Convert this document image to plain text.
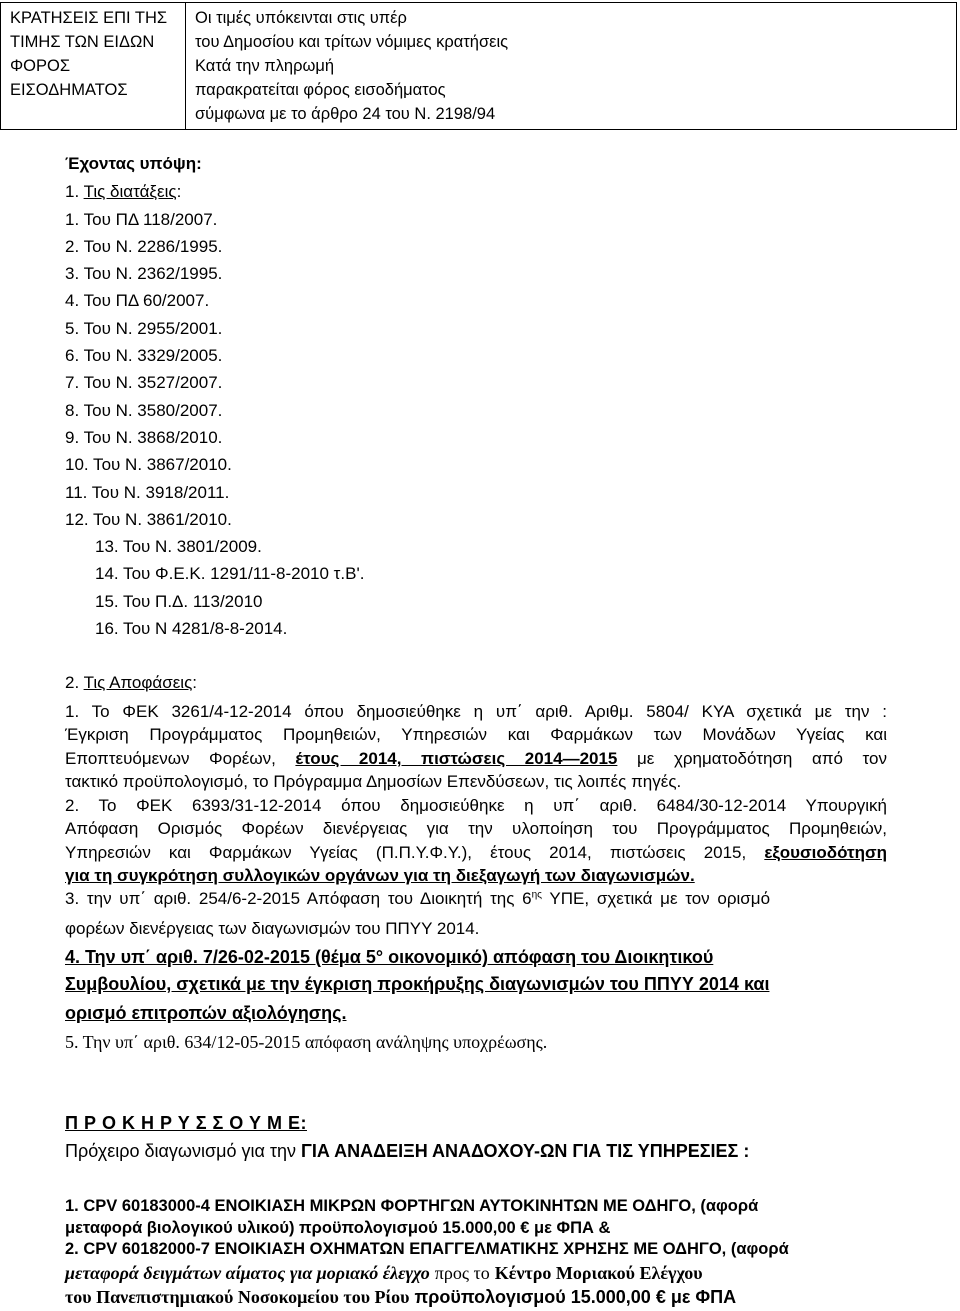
ΚΡΑΤΗΣΕΙΣ ΕΠΙ ΤΗΣ
ΤΙΜΗΣ ΤΩΝ ΕΙΔΩΝ
ΦΟΡΟΣ
ΕΙΣΟΔΗΜΑΤΟΣ

Οι τιμές υπόκεινται στις υπέρ
του Δημοσίου και τρίτων νόμιμες κρατήσεις
Κατά την πληρωμή
παρακρατείται φόρος εισοδήματος
σύμφωνα με το άρθρο 24 του Ν. 2198/94
Έχοντας υπόψη:
1. Τις διατάξεις:
1. Του ΠΔ 118/2007.
2. Του Ν. 2286/1995.
3. Του Ν. 2362/1995.
4. Του ΠΔ 60/2007.
5. Του Ν. 2955/2001.
6. Του Ν. 3329/2005.
7. Του Ν. 3527/2007.
8. Του Ν. 3580/2007.
9. Του Ν. 3868/2010.
10. Του Ν. 3867/2010.
11. Του Ν. 3918/2011.
12. Του Ν. 3861/2010.
13. Του Ν. 3801/2009.
14. Του Φ.Ε.Κ. 1291/11-8-2010 τ.Β'.
15. Του Π.Δ. 113/2010
16. Του Ν 4281/8-8-2014.
2. Τις Αποφάσεις:
1. Το ΦΕΚ 3261/4-12-2014 όπου δημοσιεύθηκε η υπ΄ αριθ. Αριθμ. 5804/ ΚΥΑ σχετικά με την :
Έγκριση Προγράμματος Προμηθειών, Υπηρεσιών και Φαρμάκων των Μονάδων Υγείας και
Εποπτευόμενων Φορέων, έτους 2014, πιστώσεις 2014—2015 με χρηματοδότηση από τον
τακτικό προϋπολογισμό, το Πρόγραμμα Δημοσίων Επενδύσεων, τις λοιπές πηγές.
2. Το ΦΕΚ 6393/31-12-2014 όπου δημοσιεύθηκε η υπ΄ αριθ. 6484/30-12-2014 Υπουργική
Απόφαση Ορισμός Φορέων διενέργειας για την υλοποίηση του Προγράμματος Προμηθειών,
Υπηρεσιών και Φαρμάκων Υγείας (Π.Π.Υ.Φ.Υ.), έτους 2014, πιστώσεις 2015, εξουσιοδότηση
για τη συγκρότηση συλλογικών οργάνων για τη διεξαγωγή των διαγωνισμών.
3. την υπ΄ αριθ. 254/6-2-2015 Απόφαση του Διοικητή της $6^{\eta\varsigma}$ ΥΠΕ, σχετικά με τον ορισμό
φορέων διενέργειας των διαγωνισμών του ΠΠΥΥ 2014.
4. Την υπ΄ αριθ. 7/26-02-2015 (θέμα 5° οικονομικό) απόφαση του Διοικητικού
Συμβουλίου, σχετικά με την έγκριση προκήρυξης διαγωνισμών του ΠΠΥΥ 2014 και
ορισμό επιτροπών αξιολόγησης.
5. Την υπ΄ αριθ. 634/12-05-2015 απόφαση ανάληψης υποχρέωσης.
Π Ρ Ο Κ Η Ρ Υ Σ Σ Ο Υ Μ Ε:
Πρόχειρο διαγωνισμό για την ΓΙΑ ΑΝΑΔΕΙΞΗ ΑΝΑΔΟΧΟΥ-ΩΝ ΓΙΑ ΤΙΣ ΥΠΗΡΕΣΙΕΣ :
1. CPV 60183000-4 ΕΝΟΙΚΙΑΣΗ ΜΙΚΡΩΝ ΦΟΡΤΗΓΩΝ ΑΥΤΟΚΙΝΗΤΩΝ ΜΕ ΟΔΗΓΟ, (αφορά
μεταφορά βιολογικού υλικού) προϋπολογισμού 15.000,00 € με ΦΠΑ &
2. CPV 60182000-7 ΕΝΟΙΚΙΑΣΗ ΟΧΗΜΑΤΩΝ ΕΠΑΓΓΕΛΜΑΤΙΚΗΣ ΧΡΗΣΗΣ ΜΕ ΟΔΗΓΟ, (αφορά
μεταφορά δειγμάτων αίματος για μοριακό έλεγχο προς το Κέντρο Μοριακού Ελέγχου
του Πανεπιστημιακού Νοσοκομείου του Ρίου προϋπολογισμού 15.000,00 € με ΦΠΑ
